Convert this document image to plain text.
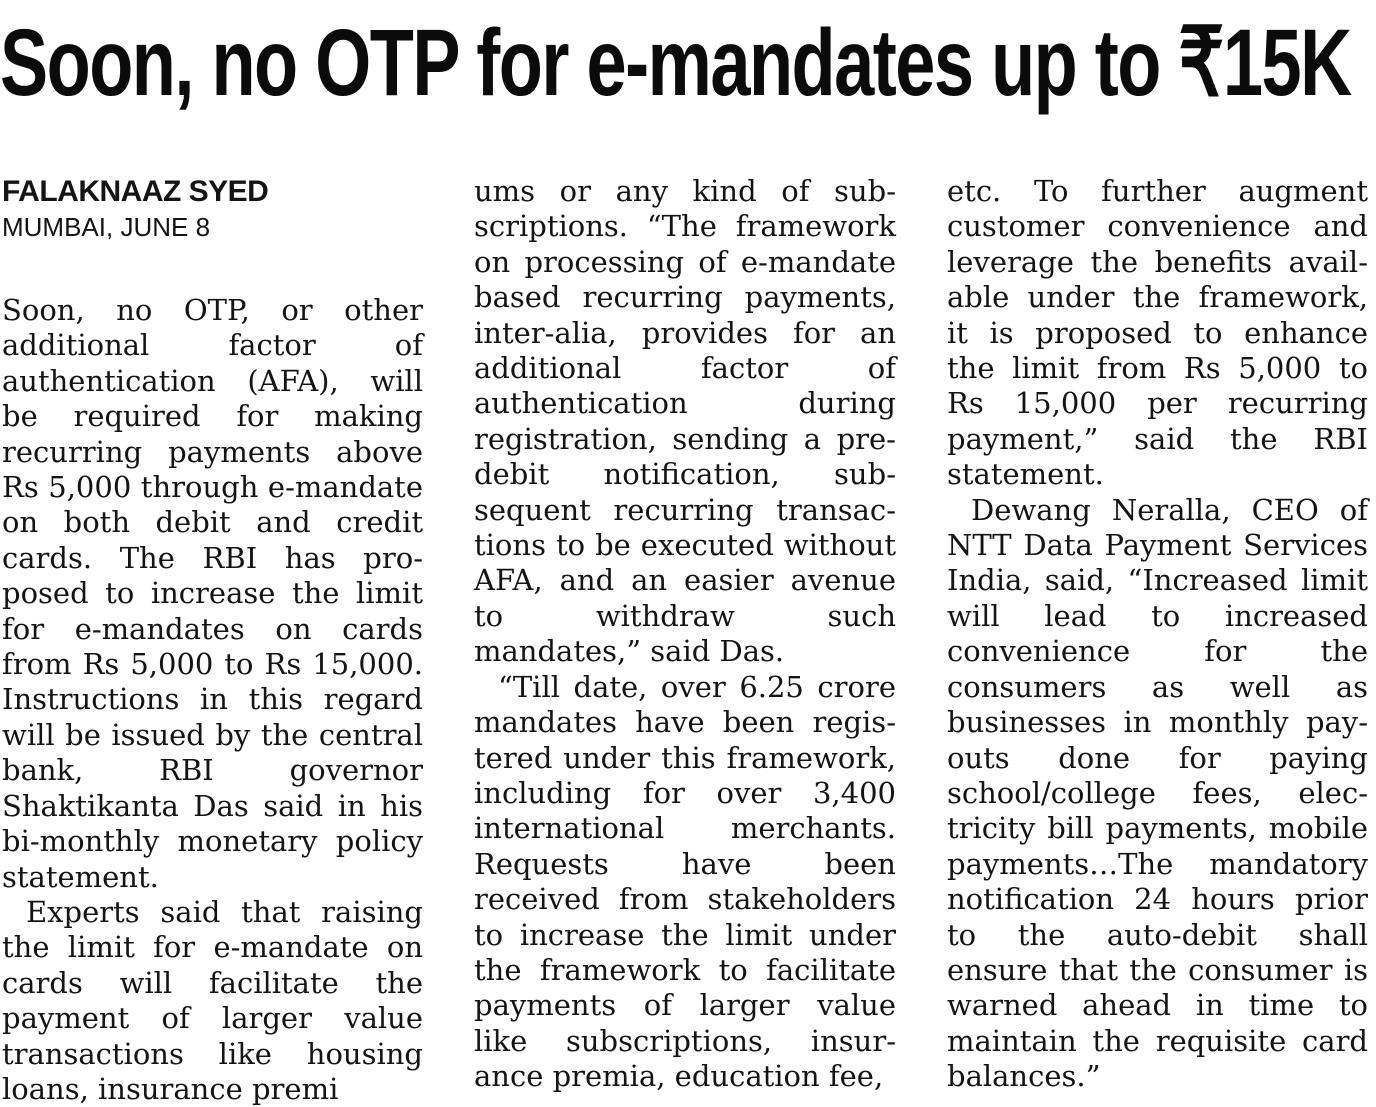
Soon, no OTP for e-mandates up to ₹15K
FALAKNAAZ SYED
MUMBAI, JUNE 8

Soon, no OTP, or other additional factor of authentication (AFA), will be required for making recurring payments above Rs 5,000 through e-mandate on both debit and credit cards. The RBI has proposed to increase the limit for e-mandates on cards from Rs 5,000 to Rs 15,000. Instructions in this regard will be issued by the central bank, RBI governor Shaktikanta Das said in his bi-monthly monetary policy statement.

Experts said that raising the limit for e-mandate on cards will facilitate the payment of larger value transactions like housing loans, insurance premi

ums or any kind of subscriptions. “The framework on processing of e-mandate based recurring payments, inter-alia, provides for an additional factor of authentication during registration, sending a pre-debit notification, subsequent recurring transactions to be executed without AFA, and an easier avenue to withdraw such mandates,” said Das.

“Till date, over 6.25 crore mandates have been registered under this framework, including for over 3,400 international merchants. Requests have been received from stakeholders to increase the limit under the framework to facilitate payments of larger value like subscriptions, insurance premia, education fee,

etc. To further augment customer convenience and leverage the benefits available under the framework, it is proposed to enhance the limit from Rs 5,000 to Rs 15,000 per recurring payment,” said the RBI statement.

Dewang Neralla, CEO of NTT Data Payment Services India, said, “Increased limit will lead to increased convenience for the consumers as well as businesses in monthly pay-outs done for paying school/college fees, electricity bill payments, mobile payments…The mandatory notification 24 hours prior to the auto-debit shall ensure that the consumer is warned ahead in time to maintain the requisite card balances.”
